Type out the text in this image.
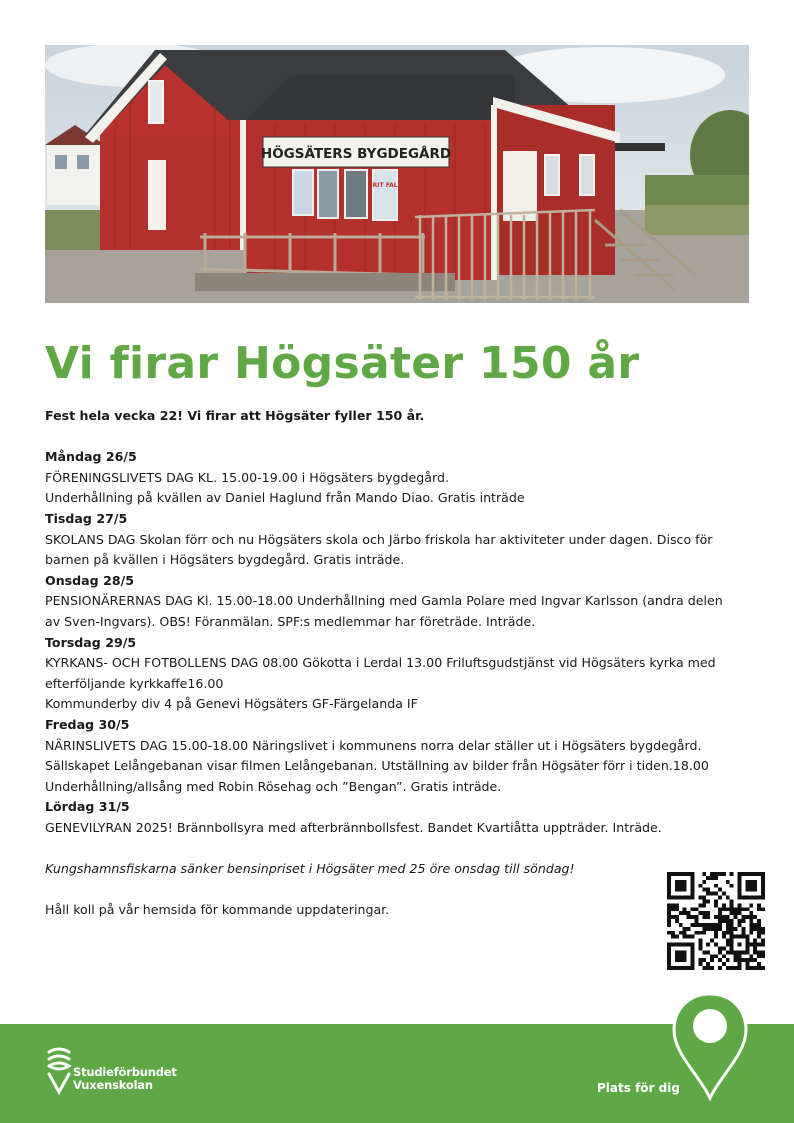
HÖGSÄTERS BYGDEGÅRD
FRIT FALL
Vi firar Högsäter 150 år

Fest hela vecka 22! Vi firar att Högsäter fyller 150 år.

Måndag 26/5

FÖRENINGSLIVETS DAG KL. 15.00-19.00 i Högsäters bygdegård.

Underhållning på kvällen av Daniel Haglund från Mando Diao. Gratis inträde

Tisdag 27/5

SKOLANS DAG Skolan förr och nu Högsäters skola och Järbo friskola har aktiviteter under dagen. Disco för barnen på kvällen i Högsäters bygdegård. Gratis inträde.

Onsdag 28/5

PENSIONÄRERNAS DAG Kl. 15.00-18.00 Underhållning med Gamla Polare med Ingvar Karlsson (andra delen av Sven-Ingvars). OBS! Föranmälan. SPF:s medlemmar har företräde. Inträde.

Torsdag 29/5

KYRKANS- OCH FOTBOLLENS DAG 08.00 Gökotta i Lerdal 13.00 Friluftsgudstjänst vid Högsäters kyrka med efterföljande kyrkkaffe16.00

Kommunderby div 4 på Genevi Högsäters GF-Färgelanda IF

Fredag 30/5

NÄRINSLIVETS DAG 15.00-18.00 Näringslivet i kommunens norra delar ställer ut i Högsäters bygdegård. Sällskapet Lelångebanan visar filmen Lelångebanan. Utställning av bilder från Högsäter förr i tiden.18.00 Underhållning/allsång med Robin Rösehag och ”Bengan”. Gratis inträde.

Lördag 31/5

GENEVILYRAN 2025! Brännbollsyra med afterbrännbollsfest. Bandet Kvartiåtta uppträder. Inträde.

Kungshamnsfiskarna sänker bensinpriset i Högsäter med 25 öre onsdag till söndag!

Håll koll på vår hemsida för kommande uppdateringar.

Studieförbundet
Vuxenskolan	Plats för dig
